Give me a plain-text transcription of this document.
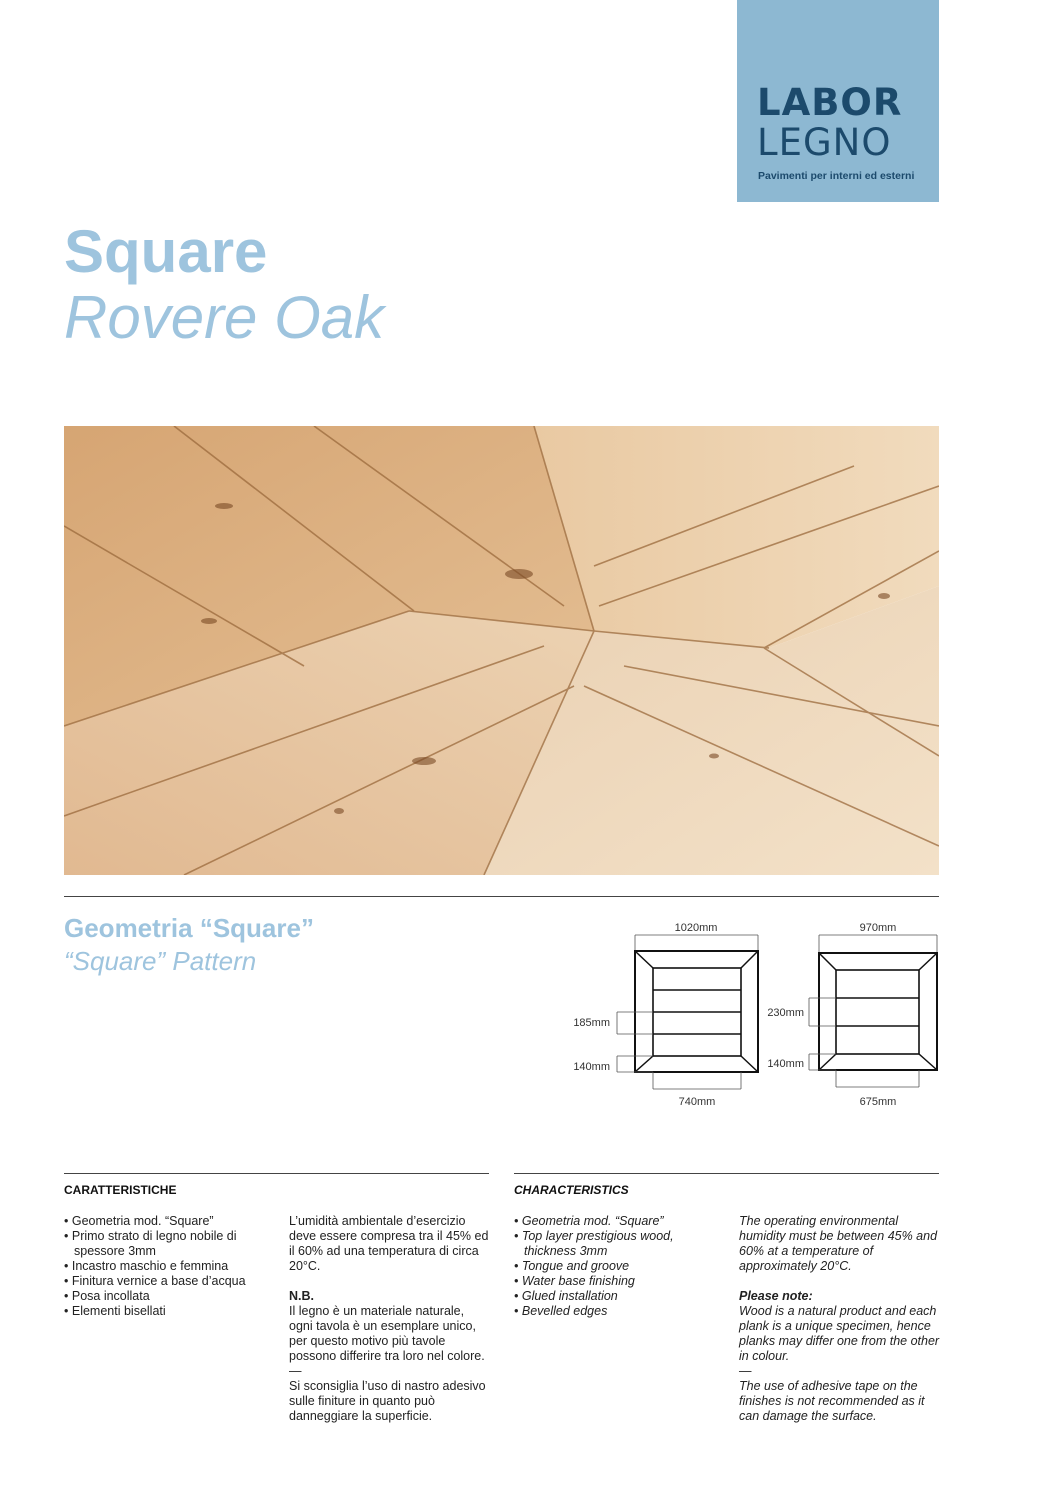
LABOR
LEGNO
Pavimenti per interni ed esterni
Square
Rovere Oak
Geometria “Square”
“Square” Pattern
1020mm
185mm
140mm
740mm
970mm
230mm
140mm
675mm
CARATTERISTICHE
• Geometria mod. “Square”
• Primo strato di legno nobile di spessore 3mm
• Incastro maschio e femmina
• Finitura vernice a base d’acqua
• Posa incollata
• Elementi bisellati

L’umidità ambientale d’esercizio deve essere compresa tra il 45% ed il 60% ad una temperatura di circa 20°C.

N.B.

Il legno è un materiale naturale, ogni tavola è un esemplare unico, per questo motivo più tavole possono differire tra loro nel colore.

—

Si sconsiglia l’uso di nastro adesivo sulle finiture in quanto può danneggiare la superficie.

CHARACTERISTICS
• Geometria mod. “Square”
• Top layer prestigious wood, thickness 3mm
• Tongue and groove
• Water base finishing
• Glued installation
• Bevelled edges

The operating environmental humidity must be between 45% and 60% at a temperature of approximately 20°C.

Please note:

Wood is a natural product and each plank is a unique specimen, hence planks may differ one from the other in colour.

—

The use of adhesive tape on the finishes is not recommended as it can damage the surface.
